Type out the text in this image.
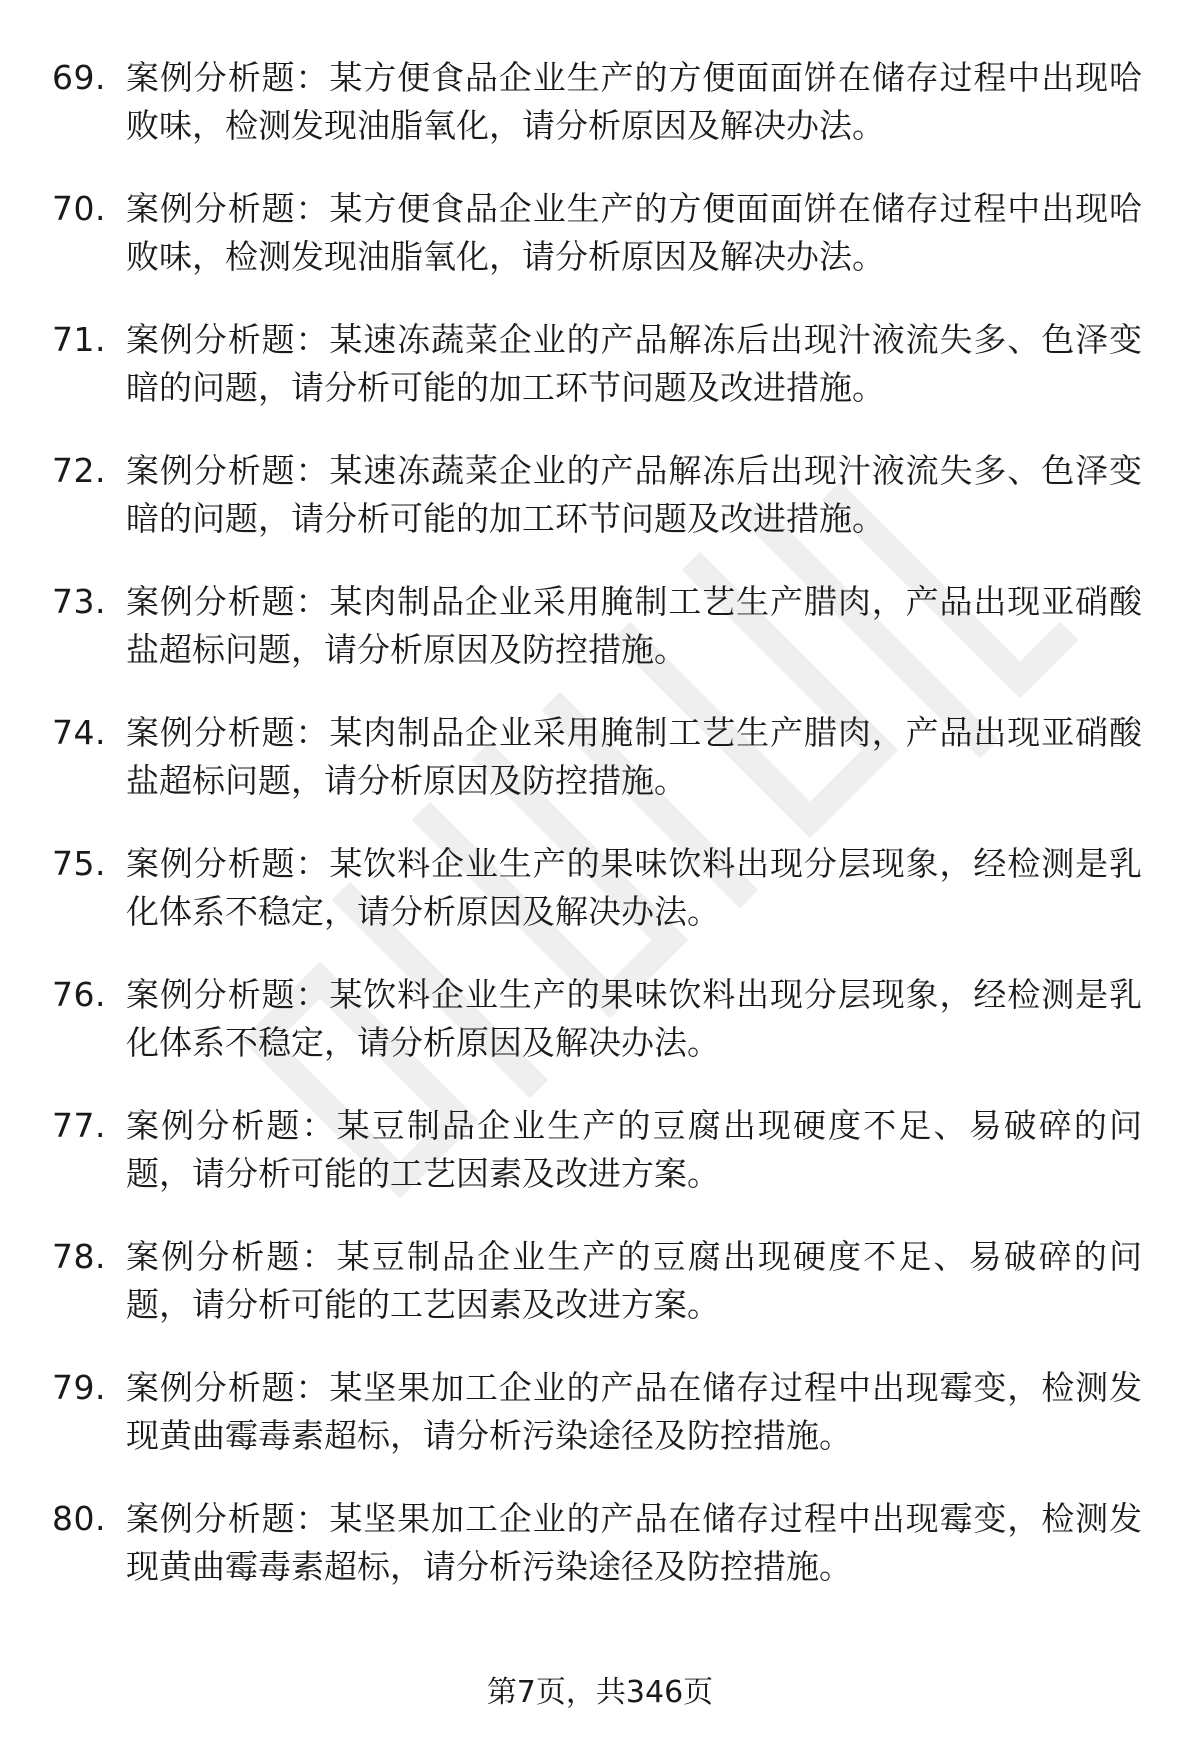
69. 案例分析题：某方便食品企业生产的方便面面饼在储存过程中出现哈败味，检测发现油脂氧化，请分析原因及解决办法。
70. 案例分析题：某方便食品企业生产的方便面面饼在储存过程中出现哈败味，检测发现油脂氧化，请分析原因及解决办法。
71. 案例分析题：某速冻蔬菜企业的产品解冻后出现汁液流失多、色泽变暗的问题，请分析可能的加工环节问题及改进措施。
72. 案例分析题：某速冻蔬菜企业的产品解冻后出现汁液流失多、色泽变暗的问题，请分析可能的加工环节问题及改进措施。
73. 案例分析题：某肉制品企业采用腌制工艺生产腊肉，产品出现亚硝酸盐超标问题，请分析原因及防控措施。
74. 案例分析题：某肉制品企业采用腌制工艺生产腊肉，产品出现亚硝酸盐超标问题，请分析原因及防控措施。
75. 案例分析题：某饮料企业生产的果味饮料出现分层现象，经检测是乳化体系不稳定，请分析原因及解决办法。
76. 案例分析题：某饮料企业生产的果味饮料出现分层现象，经检测是乳化体系不稳定，请分析原因及解决办法。
77. 案例分析题：某豆制品企业生产的豆腐出现硬度不足、易破碎的问题，请分析可能的工艺因素及改进方案。
78. 案例分析题：某豆制品企业生产的豆腐出现硬度不足、易破碎的问题，请分析可能的工艺因素及改进方案。
79. 案例分析题：某坚果加工企业的产品在储存过程中出现霉变，检测发现黄曲霉毒素超标，请分析污染途径及防控措施。
80. 案例分析题：某坚果加工企业的产品在储存过程中出现霉变，检测发现黄曲霉毒素超标，请分析污染途径及防控措施。
第7页，共346页
